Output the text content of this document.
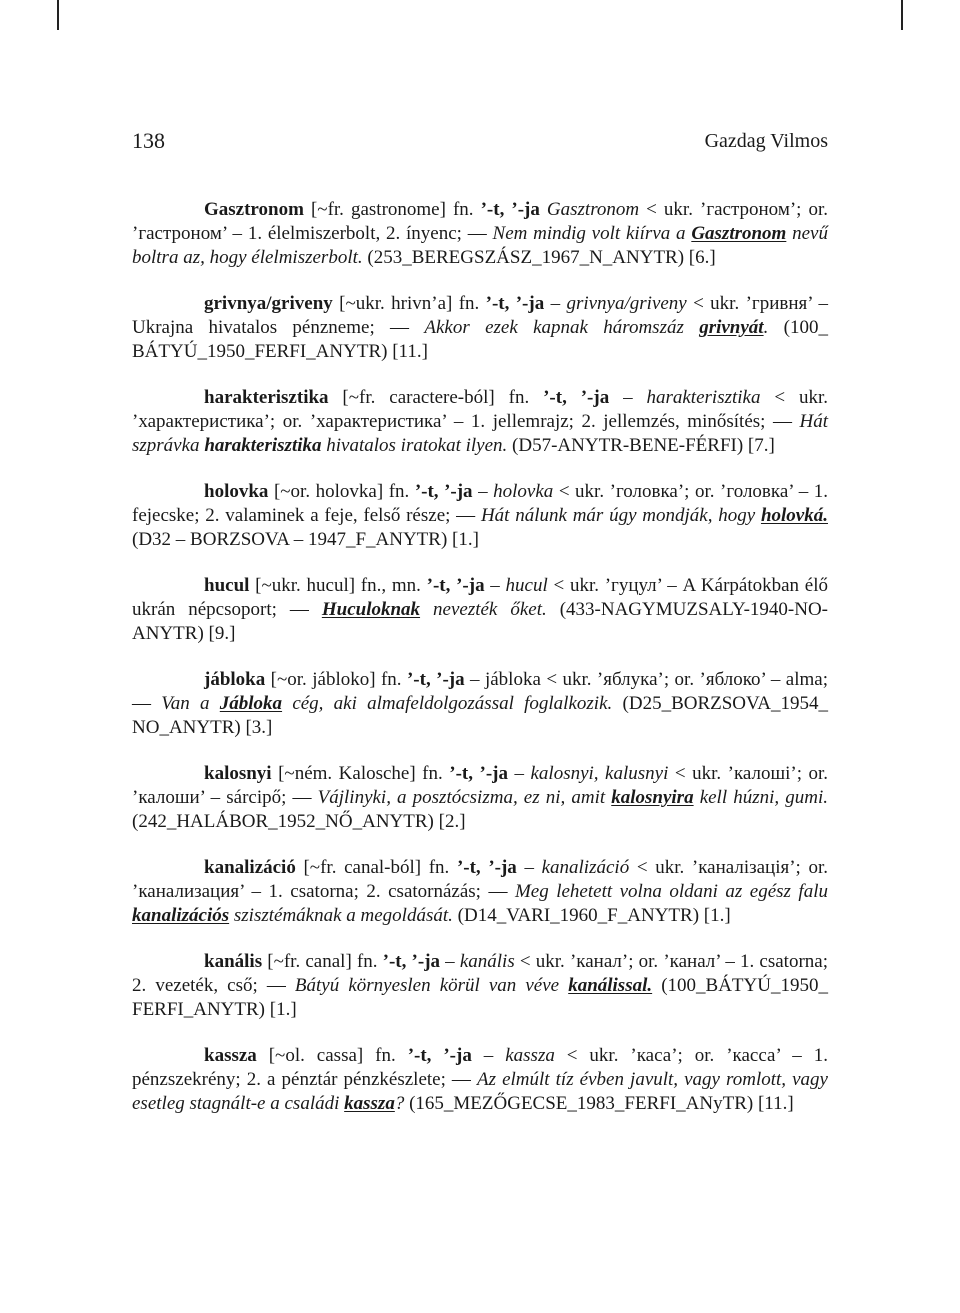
138	Gazdag Vilmos

Gasztronom [~fr. gastronome] fn. ’-t, ’-ja Gasztronom < ukr. ’гастроном’; or. ’гастроном’ – 1. élelmiszerbolt, 2. ínyenc; — Nem mindig volt kiírva a Gasztronom nevű boltra az, hogy élelmiszerbolt. (253_BEREGSZÁSZ_1967_N_ANYTR) [6.]

grivnya/griveny [~ukr. hrivn’a] fn. ’-t, ’-ja – grivnya/griveny < ukr. ’гривня’ – Ukrajna hivatalos pénzneme; — Akkor ezek kapnak háromszáz grivnyát. (100_ BÁTYÚ_1950_FERFI_ANYTR) [11.]

harakterisztika [~fr. caractere-ból] fn. ’-t, ’-ja – harakterisztika < ukr. ’характеристика’; or. ’характеристика’ – 1. jellemrajz; 2. jellemzés, minősítés; — Hát szprávka harakterisztika hivatalos iratokat ilyen. (D57-ANYTR-BENE-FÉRFI) [7.]

holovka [~or. holovka] fn. ’-t, ’-ja – holovka < ukr. ’головка’; or. ’головка’ – 1. fejecske; 2. valaminek a feje, felső része; — Hát nálunk már úgy mondják, hogy holovká. (D32 – BORZSOVA – 1947_F_ANYTR) [1.]

hucul [~ukr. hucul] fn., mn. ’-t, ’-ja – hucul < ukr. ’гуцул’ – A Kárpátokban élő ukrán népcsoport; — Huculoknak nevezték őket. (433-NAGYMUZSALY-1940-NO-ANYTR) [9.]

jábloka [~or. jábloko] fn. ’-t, ’-ja – jábloka < ukr. ’яблука’; or. ’яблоко’ – alma; — Van a Jábloka cég, aki almafeldolgozással foglalkozik. (D25_BORZSOVA_1954_ NO_ANYTR) [3.]

kalosnyi [~ném. Kalosche] fn. ’-t, ’-ja – kalosnyi, kalusnyi < ukr. ’калоші’; or. ’калоши’ – sárcipő; — Vájlinyki, a posztócsizma, ez ni, amit kalosnyira kell húzni, gumi. (242_HALÁBOR_1952_NŐ_ANYTR) [2.]

kanalizáció [~fr. canal-ból] fn. ’-t, ’-ja – kanalizáció < ukr. ’каналізація’; or. ’канализация’ – 1. csatorna; 2. csatornázás; — Meg lehetett volna oldani az egész falu kanalizációs szisztémáknak a megoldását. (D14_VARI_1960_F_ANYTR) [1.]

kanális [~fr. canal] fn. ’-t, ’-ja – kanális < ukr. ’канал’; or. ’канал’ – 1. csatorna; 2. vezeték, cső; — Bátyú környeslen körül van véve kanálissal. (100_BÁTYÚ_1950_ FERFI_ANYTR) [1.]

kassza [~ol. cassa] fn. ’-t, ’-ja – kassza < ukr. ’каса’; or. ’касса’ – 1. pénzszekrény; 2. a pénztár pénzkészlete; — Az elmúlt tíz évben javult, vagy romlott, vagy esetleg stagnált-e a családi kassza? (165_MEZŐGECSE_1983_FERFI_ANyTR) [11.]
